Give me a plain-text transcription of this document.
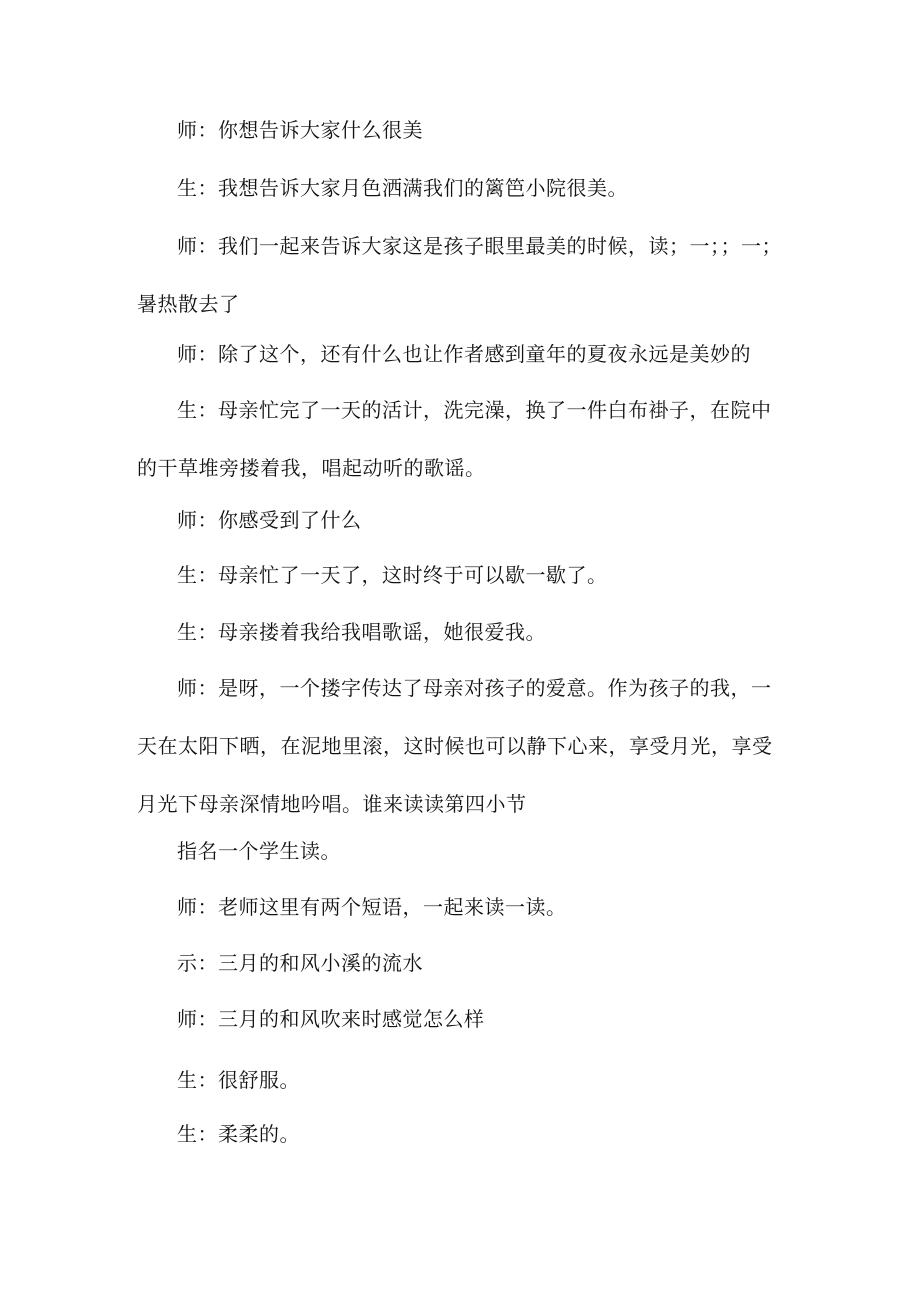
师：你想告诉大家什么很美

生：我想告诉大家月色洒满我们的篱笆小院很美。

师：我们一起来告诉大家这是孩子眼里最美的时候，读；一；；一；暑热散去了

师：除了这个，还有什么也让作者感到童年的夏夜永远是美妙的

生：母亲忙完了一天的活计，洗完澡，换了一件白布褂子，在院中的干草堆旁搂着我，唱起动听的歌谣。

师：你感受到了什么

生：母亲忙了一天了，这时终于可以歇一歇了。

生：母亲搂着我给我唱歌谣，她很爱我。

师：是呀，一个搂字传达了母亲对孩子的爱意。作为孩子的我，一天在太阳下晒，在泥地里滚，这时候也可以静下心来，享受月光，享受月光下母亲深情地吟唱。谁来读读第四小节

指名一个学生读。

师：老师这里有两个短语，一起来读一读。

示：三月的和风小溪的流水

师：三月的和风吹来时感觉怎么样

生：很舒服。

生：柔柔的。
